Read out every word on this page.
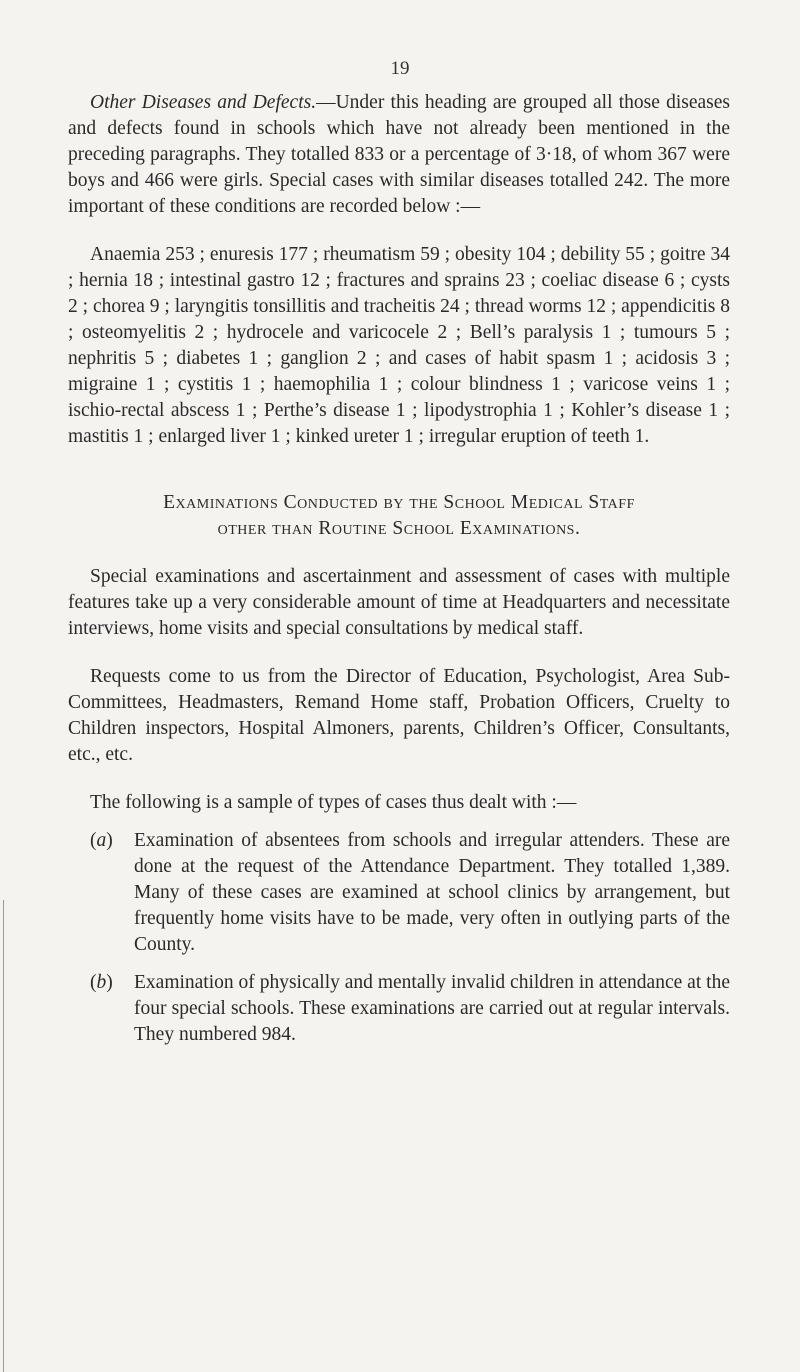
19

Other Diseases and Defects.—Under this heading are grouped all those diseases and defects found in schools which have not already been mentioned in the preceding paragraphs. They totalled 833 or a percentage of 3·18, of whom 367 were boys and 466 were girls. Special cases with similar diseases totalled 242. The more important of these conditions are recorded below :—

Anaemia 253 ; enuresis 177 ; rheumatism 59 ; obesity 104 ; debility 55 ; goitre 34 ; hernia 18 ; intestinal gastro 12 ; fractures and sprains 23 ; coeliac disease 6 ; cysts 2 ; chorea 9 ; laryngitis tonsillitis and tracheitis 24 ; thread worms 12 ; appendicitis 8 ; osteomyelitis 2 ; hydrocele and varicocele 2 ; Bell’s paralysis 1 ; tumours 5 ; nephritis 5 ; diabetes 1 ; ganglion 2 ; and cases of habit spasm 1 ; acidosis 3 ; migraine 1 ; cystitis 1 ; haemophilia 1 ; colour blindness 1 ; varicose veins 1 ; ischio-rectal abscess 1 ; Perthe’s disease 1 ; lipodystrophia 1 ; Kohler’s disease 1 ; mastitis 1 ; enlarged liver 1 ; kinked ureter 1 ; irregular eruption of teeth 1.

Examinations Conducted by the School Medical Staff
other than Routine School Examinations.

Special examinations and ascertainment and assessment of cases with multiple features take up a very considerable amount of time at Headquarters and necessitate interviews, home visits and special consultations by medical staff.

Requests come to us from the Director of Education, Psychologist, Area Sub-Committees, Headmasters, Remand Home staff, Probation Officers, Cruelty to Children inspectors, Hospital Almoners, parents, Children’s Officer, Consultants, etc., etc.

The following is a sample of types of cases thus dealt with :—

(a) Examination of absentees from schools and irregular attenders. These are done at the request of the Attendance Department. They totalled 1,389. Many of these cases are examined at school clinics by arrangement, but frequently home visits have to be made, very often in outlying parts of the County.
(b) Examination of physically and mentally invalid children in attendance at the four special schools. These examinations are carried out at regular intervals. They numbered 984.
